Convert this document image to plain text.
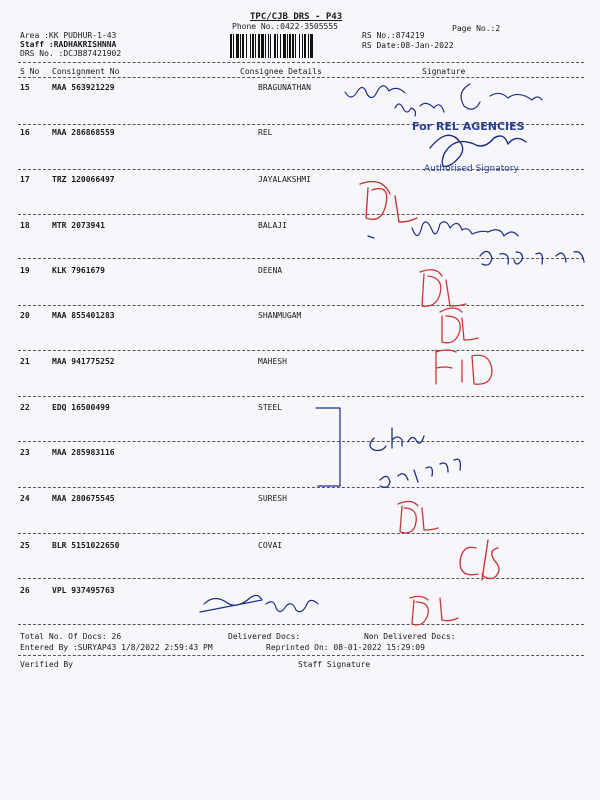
TPC/CJB DRS - P43
Phone No.:0422-3505555	Page No.:2
Area :KK PUDHUR-1-43
Staff :RADHAKRISHNNA
DRS No. :DCJB87421902
RS No.:874219
RS Date:08-Jan-2022
S No Consignment No	Consignee Details	Signature
15	MAA 563921229	BRAGUNATHAN
16	MAA 286868559	REL
17	TRZ 120066497	JAYALAKSHMI
18	MTR 2073941	BALAJI
19	KLK 7961679	DEENA
20	MAA 855401283	SHANMUGAM
21	MAA 941775252	MAHESH
22	EDQ 16500499	STEEL
23	MAA 285983116
24	MAA 280675545	SURESH
25	BLR 5151022650	COVAI
26	VPL 937495763
For REL AGENCIES
Authorised Signatory
Total No. Of Docs: 26	Delivered Docs:	Non Delivered Docs:
Entered By :SURYAP43 1/8/2022 2:59:43 PM	Reprinted On: 08-01-2022 15:29:09
Verified By	Staff Signature
